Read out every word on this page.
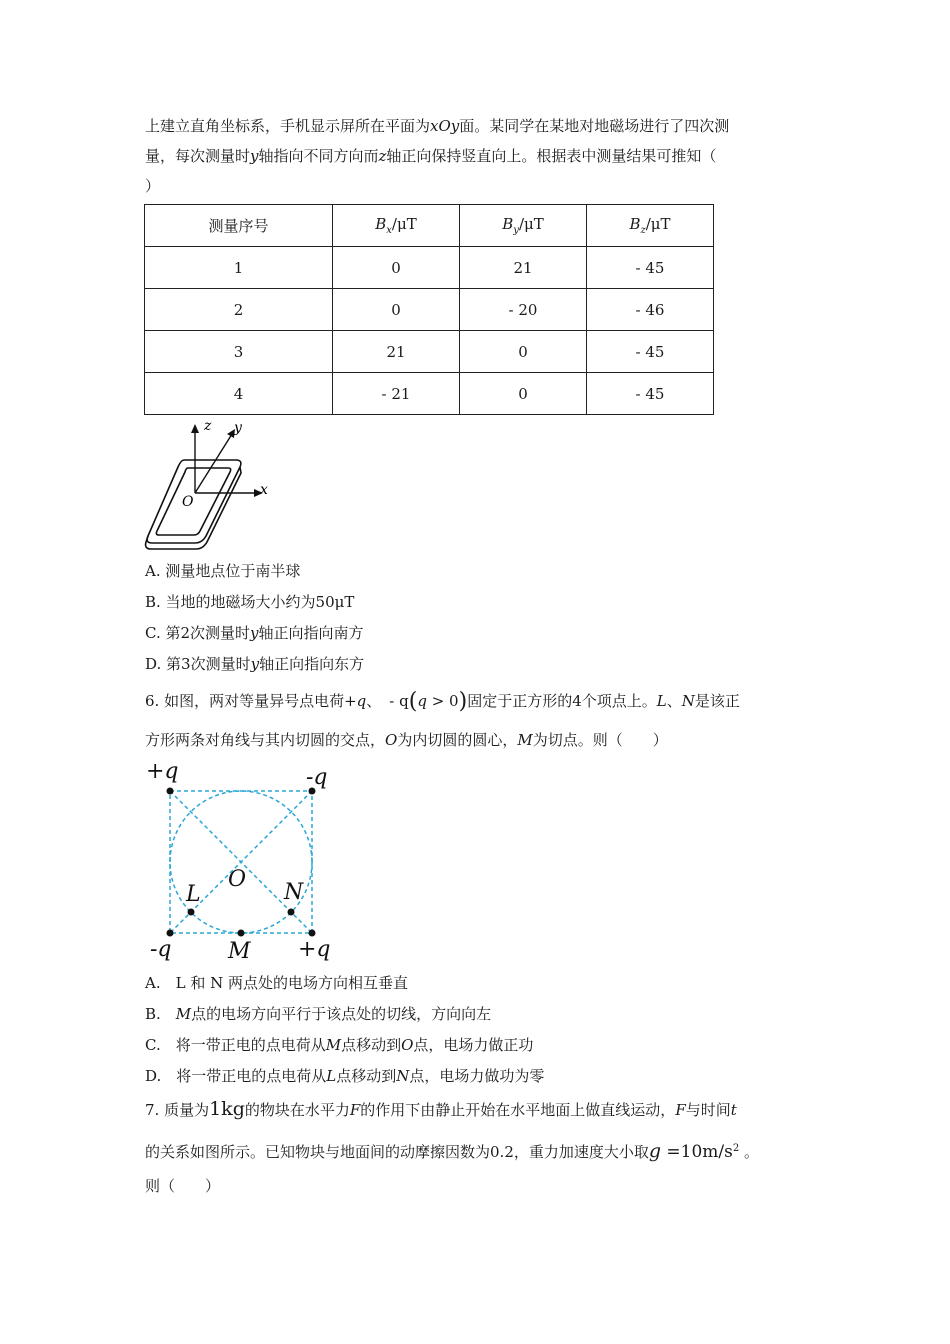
上建立直角坐标系，手机显示屏所在平面为xOy面。某同学在某地对地磁场进行了四次测
量，每次测量时y轴指向不同方向而z轴正向保持竖直向上。根据表中测量结果可推知（
）
测量序号	$B_x/\mu T$	$B_y/\mu T$	$B_z/\mu T$
1	0	21	- 45
2	0	- 20	- 46
3	21	0	- 45
4	- 21	0	- 45
z y
x
O
A. 测量地点位于南半球
B. 当地的地磁场大小约为50μT
C. 第2次测量时y轴正向指向南方
D. 第3次测量时y轴正向指向东方
6. 如图，两对等量异号点电荷+q、 - q(q > 0)固定于正方形的4个项点上。L、N是该正
方形两条对角线与其内切圆的交点，O为内切圆的圆心，M为切点。则（　　）
+q	-q
-q	+q
L	N
O
M
A.　L 和 N 两点处的电场方向相互垂直
B.　M点的电场方向平行于该点处的切线，方向向左
C.　将一带正电的点电荷从M点移动到O点，电场力做正功
D.　将一带正电的点电荷从L点移动到N点，电场力做功为零
7. 质量为1kg的物块在水平力F的作用下由静止开始在水平地面上做直线运动，F与时间t
的关系如图所示。已知物块与地面间的动摩擦因数为0.2，重力加速度大小取$g =10m/s^2$ 。
则（　　）
